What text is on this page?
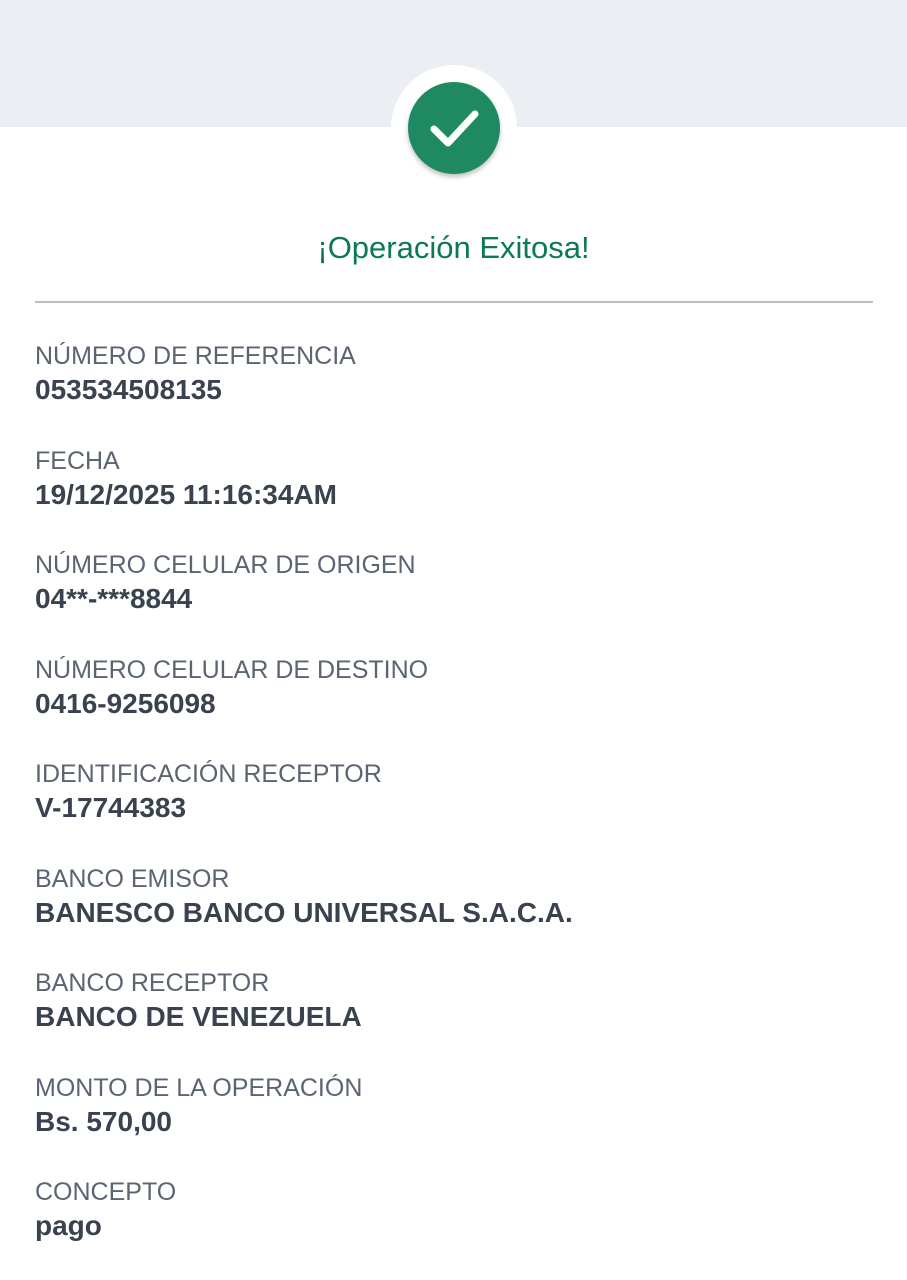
¡Operación Exitosa!
NÚMERO DE REFERENCIA
053534508135
FECHA
19/12/2025 11:16:34AM
NÚMERO CELULAR DE ORIGEN
04**-***8844
NÚMERO CELULAR DE DESTINO
0416-9256098
IDENTIFICACIÓN RECEPTOR
V-17744383
BANCO EMISOR
BANESCO BANCO UNIVERSAL S.A.C.A.
BANCO RECEPTOR
BANCO DE VENEZUELA
MONTO DE LA OPERACIÓN
Bs. 570,00
CONCEPTO
pago
